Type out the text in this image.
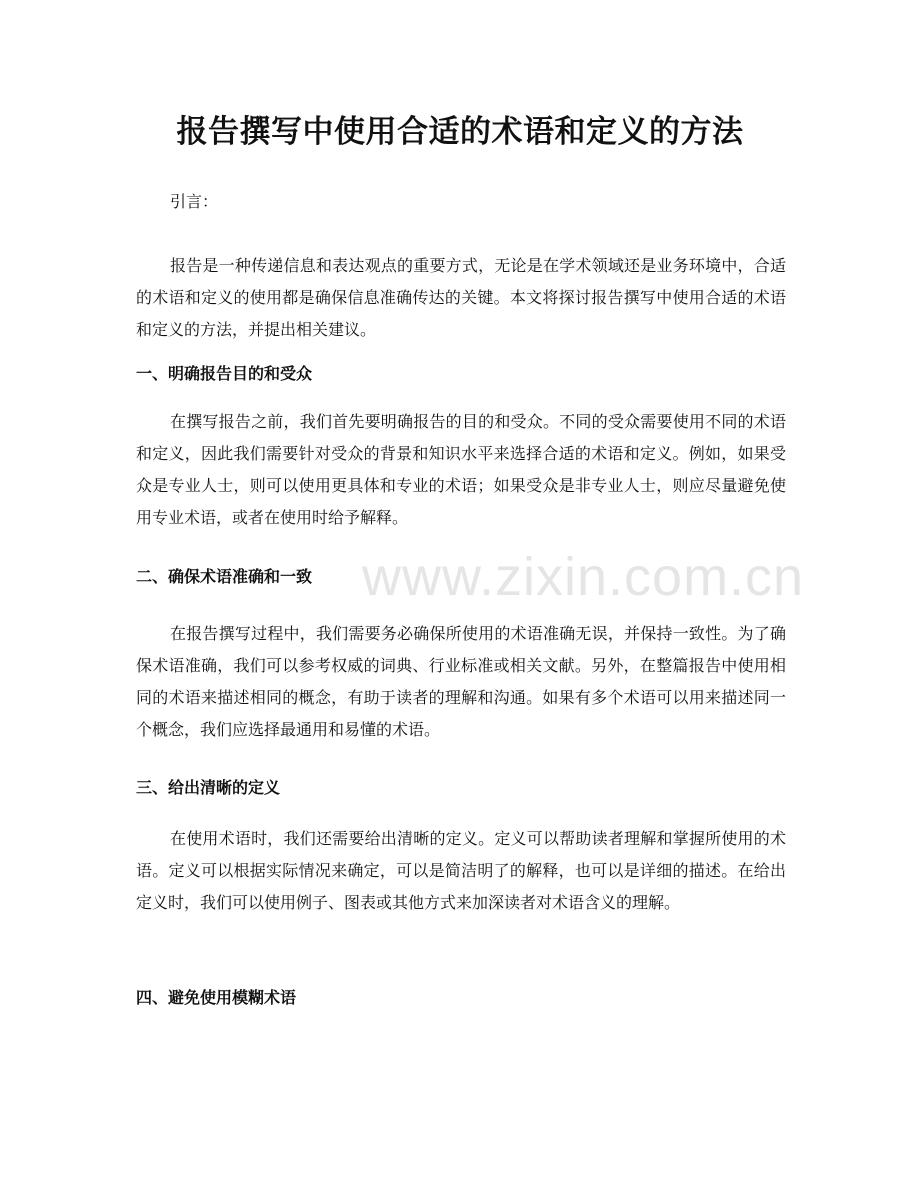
报告撰写中使用合适的术语和定义的方法

引言：

报告是一种传递信息和表达观点的重要方式，无论是在学术领域还是业务环境中，合适的术语和定义的使用都是确保信息准确传达的关键。本文将探讨报告撰写中使用合适的术语和定义的方法，并提出相关建议。

一、明确报告目的和受众

在撰写报告之前，我们首先要明确报告的目的和受众。不同的受众需要使用不同的术语和定义，因此我们需要针对受众的背景和知识水平来选择合适的术语和定义。例如，如果受众是专业人士，则可以使用更具体和专业的术语；如果受众是非专业人士，则应尽量避免使用专业术语，或者在使用时给予解释。

二、确保术语准确和一致

在报告撰写过程中，我们需要务必确保所使用的术语准确无误，并保持一致性。为了确保术语准确，我们可以参考权威的词典、行业标准或相关文献。另外，在整篇报告中使用相同的术语来描述相同的概念，有助于读者的理解和沟通。如果有多个术语可以用来描述同一个概念，我们应选择最通用和易懂的术语。

三、给出清晰的定义

在使用术语时，我们还需要给出清晰的定义。定义可以帮助读者理解和掌握所使用的术语。定义可以根据实际情况来确定，可以是简洁明了的解释，也可以是详细的描述。在给出定义时，我们可以使用例子、图表或其他方式来加深读者对术语含义的理解。

四、避免使用模糊术语
www.zixin.com.cn
